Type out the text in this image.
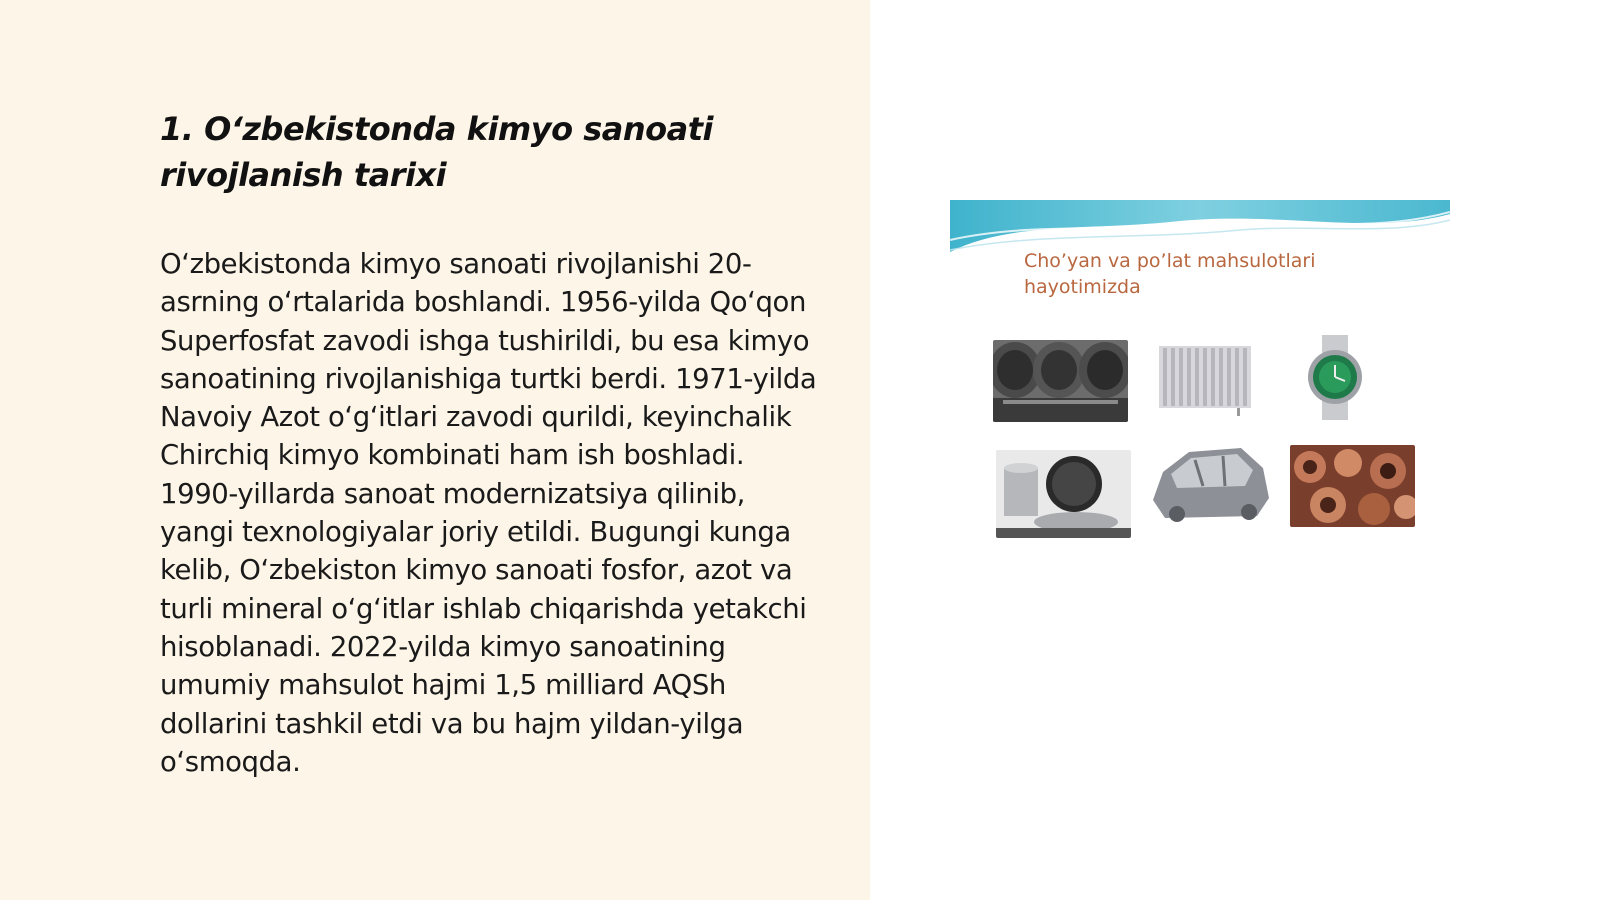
1. Oʻzbekistonda kimyo sanoati rivojlanish tarixi

Oʻzbekistonda kimyo sanoati rivojlanishi 20-asrning oʻrtalarida boshlandi. 1956-yilda Qoʻqon Superfosfat zavodi ishga tushirildi, bu esa kimyo sanoatining rivojlanishiga turtki berdi. 1971-yilda Navoiy Azot oʻgʻitlari zavodi qurildi, keyinchalik Chirchiq kimyo kombinati ham ish boshladi. 1990-yillarda sanoat modernizatsiya qilinib, yangi texnologiyalar joriy etildi. Bugungi kunga kelib, Oʻzbekiston kimyo sanoati fosfor, azot va turli mineral oʻgʻitlar ishlab chiqarishda yetakchi hisoblanadi. 2022-yilda kimyo sanoatining umumiy mahsulot hajmi 1,5 milliard AQSh dollarini tashkil etdi va bu hajm yildan-yilga oʻsmoqda.

Cho’yan va po’lat mahsulotlari hayotimizda
